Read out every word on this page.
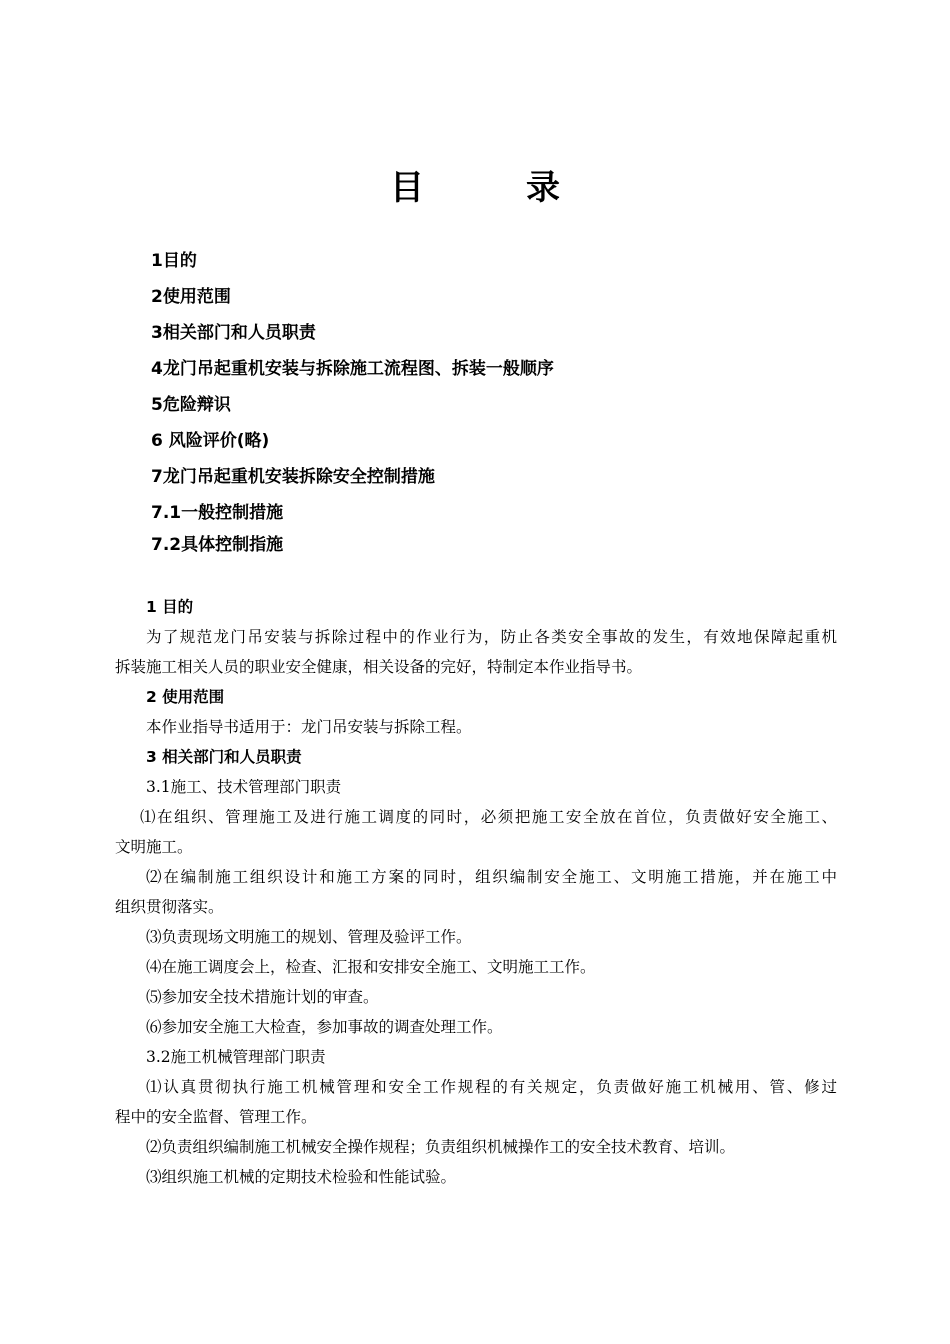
目　录
1目的
2使用范围
3相关部门和人员职责
4龙门吊起重机安装与拆除施工流程图、拆装一般顺序
5危险辩识
6 风险评价(略)
7龙门吊起重机安装拆除安全控制措施
7.1一般控制措施
7.2具体控制指施
1 目的
为了规范龙门吊安装与拆除过程中的作业行为，防止各类安全事故的发生，有效地保障起重机
拆装施工相关人员的职业安全健康，相关设备的完好，特制定本作业指导书。
2 使用范围
本作业指导书适用于：龙门吊安装与拆除工程。
3 相关部门和人员职责
3.1施工、技术管理部门职责
⑴在组织、管理施工及进行施工调度的同时，必须把施工安全放在首位，负责做好安全施工、
文明施工。
⑵在编制施工组织设计和施工方案的同时，组织编制安全施工、文明施工措施，并在施工中
组织贯彻落实。
⑶负责现场文明施工的规划、管理及验评工作。
⑷在施工调度会上，检查、汇报和安排安全施工、文明施工工作。
⑸参加安全技术措施计划的审查。
⑹参加安全施工大检查，参加事故的调查处理工作。
3.2施工机械管理部门职责
⑴认真贯彻执行施工机械管理和安全工作规程的有关规定，负责做好施工机械用、管、修过
程中的安全监督、管理工作。
⑵负责组织编制施工机械安全操作规程；负责组织机械操作工的安全技术教育、培训。
⑶组织施工机械的定期技术检验和性能试验。
